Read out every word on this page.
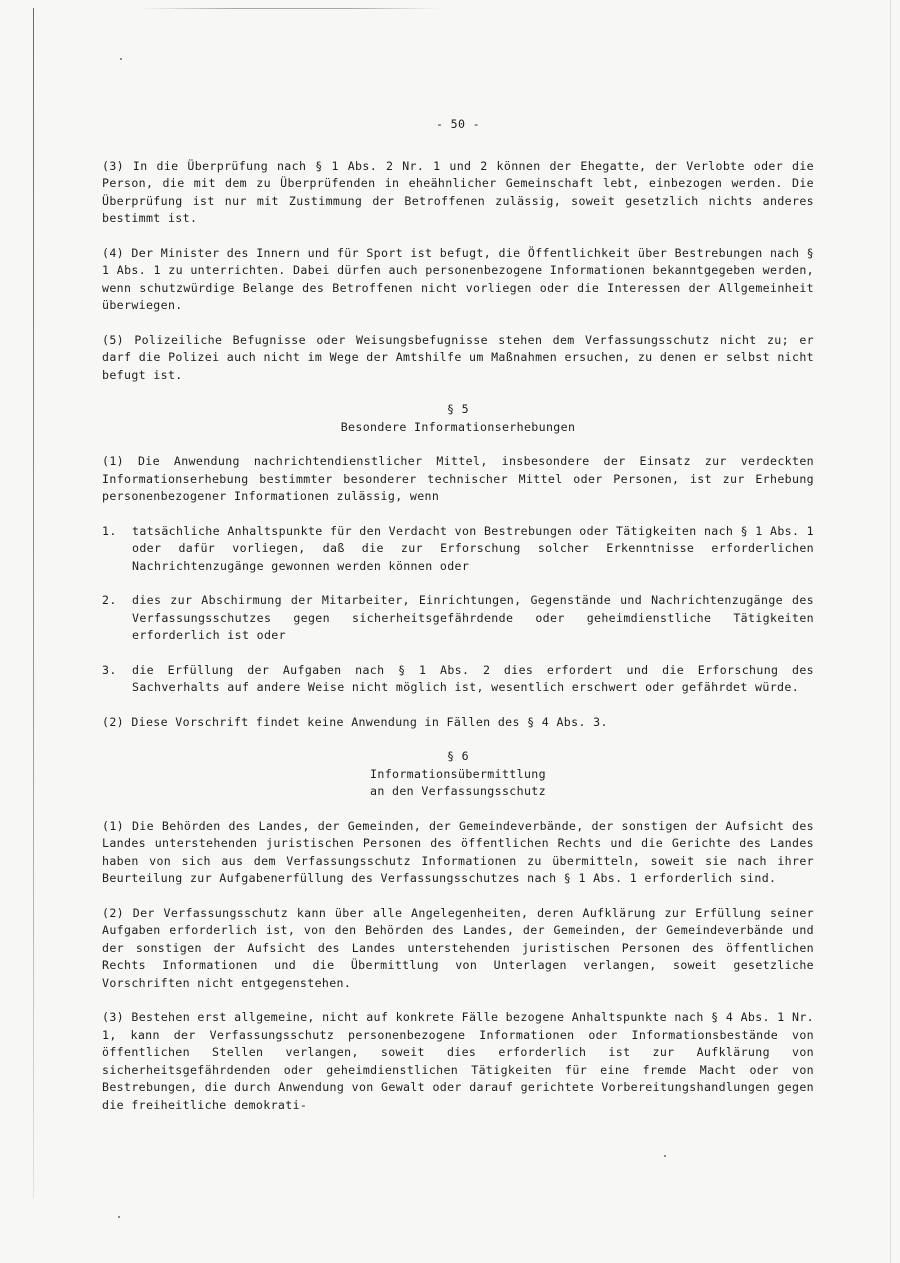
- 50 -
(3) In die Überprüfung nach § 1 Abs. 2 Nr. 1 und 2 können der Ehegatte, der Verlobte oder die Person, die mit dem zu Überprüfenden in eheähnlicher Gemeinschaft lebt, einbezogen werden. Die Überprüfung ist nur mit Zustimmung der Betroffenen zulässig, soweit gesetzlich nichts anderes bestimmt ist.
(4) Der Minister des Innern und für Sport ist befugt, die Öffentlichkeit über Bestrebungen nach § 1 Abs. 1 zu unterrichten. Dabei dürfen auch personenbezogene Informationen bekanntgegeben werden, wenn schutzwürdige Belange des Betroffenen nicht vorliegen oder die Interessen der Allgemeinheit überwiegen.
(5) Polizeiliche Befugnisse oder Weisungsbefugnisse stehen dem Verfassungsschutz nicht zu; er darf die Polizei auch nicht im Wege der Amtshilfe um Maßnahmen ersuchen, zu denen er selbst nicht befugt ist.
§ 5
Besondere Informationserhebungen
(1) Die Anwendung nachrichtendienstlicher Mittel, insbesondere der Einsatz zur verdeckten Informationserhebung bestimmter besonderer technischer Mittel oder Personen, ist zur Erhebung personenbezogener Informationen zulässig, wenn
1.	tatsächliche Anhaltspunkte für den Verdacht von Bestrebungen oder Tätigkeiten nach § 1 Abs. 1 oder dafür vorliegen, daß die zur Erforschung solcher Erkenntnisse erforderlichen Nachrichtenzugänge gewonnen werden können oder
2.	dies zur Abschirmung der Mitarbeiter, Einrichtungen, Gegenstände und Nachrichtenzugänge des Verfassungsschutzes gegen sicherheitsgefährdende oder geheimdienstliche Tätigkeiten erforderlich ist oder
3.	die Erfüllung der Aufgaben nach § 1 Abs. 2 dies erfordert und die Erforschung des Sachverhalts auf andere Weise nicht möglich ist, wesentlich erschwert oder gefährdet würde.
(2) Diese Vorschrift findet keine Anwendung in Fällen des § 4 Abs. 3.
§ 6
Informationsübermittlung
an den Verfassungsschutz
(1) Die Behörden des Landes, der Gemeinden, der Gemeindeverbände, der sonstigen der Aufsicht des Landes unterstehenden juristischen Personen des öffentlichen Rechts und die Gerichte des Landes haben von sich aus dem Verfassungsschutz Informationen zu übermitteln, soweit sie nach ihrer Beurteilung zur Aufgabenerfüllung des Verfassungsschutzes nach § 1 Abs. 1 erforderlich sind.
(2) Der Verfassungsschutz kann über alle Angelegenheiten, deren Aufklärung zur Erfüllung seiner Aufgaben erforderlich ist, von den Behörden des Landes, der Gemeinden, der Gemeindeverbände und der sonstigen der Aufsicht des Landes unterstehenden juristischen Personen des öffentlichen Rechts Informationen und die Übermittlung von Unterlagen verlangen, soweit gesetzliche Vorschriften nicht entgegenstehen.
(3) Bestehen erst allgemeine, nicht auf konkrete Fälle bezogene Anhaltspunkte nach § 4 Abs. 1 Nr. 1, kann der Verfassungsschutz personenbezogene Informationen oder Informationsbestände von öffentlichen Stellen verlangen, soweit dies erforderlich ist zur Aufklärung von sicherheitsgefährdenden oder geheimdienstlichen Tätigkeiten für eine fremde Macht oder von Bestrebungen, die durch Anwendung von Gewalt oder darauf gerichtete Vorbereitungshandlungen gegen die freiheitliche demokrati-
